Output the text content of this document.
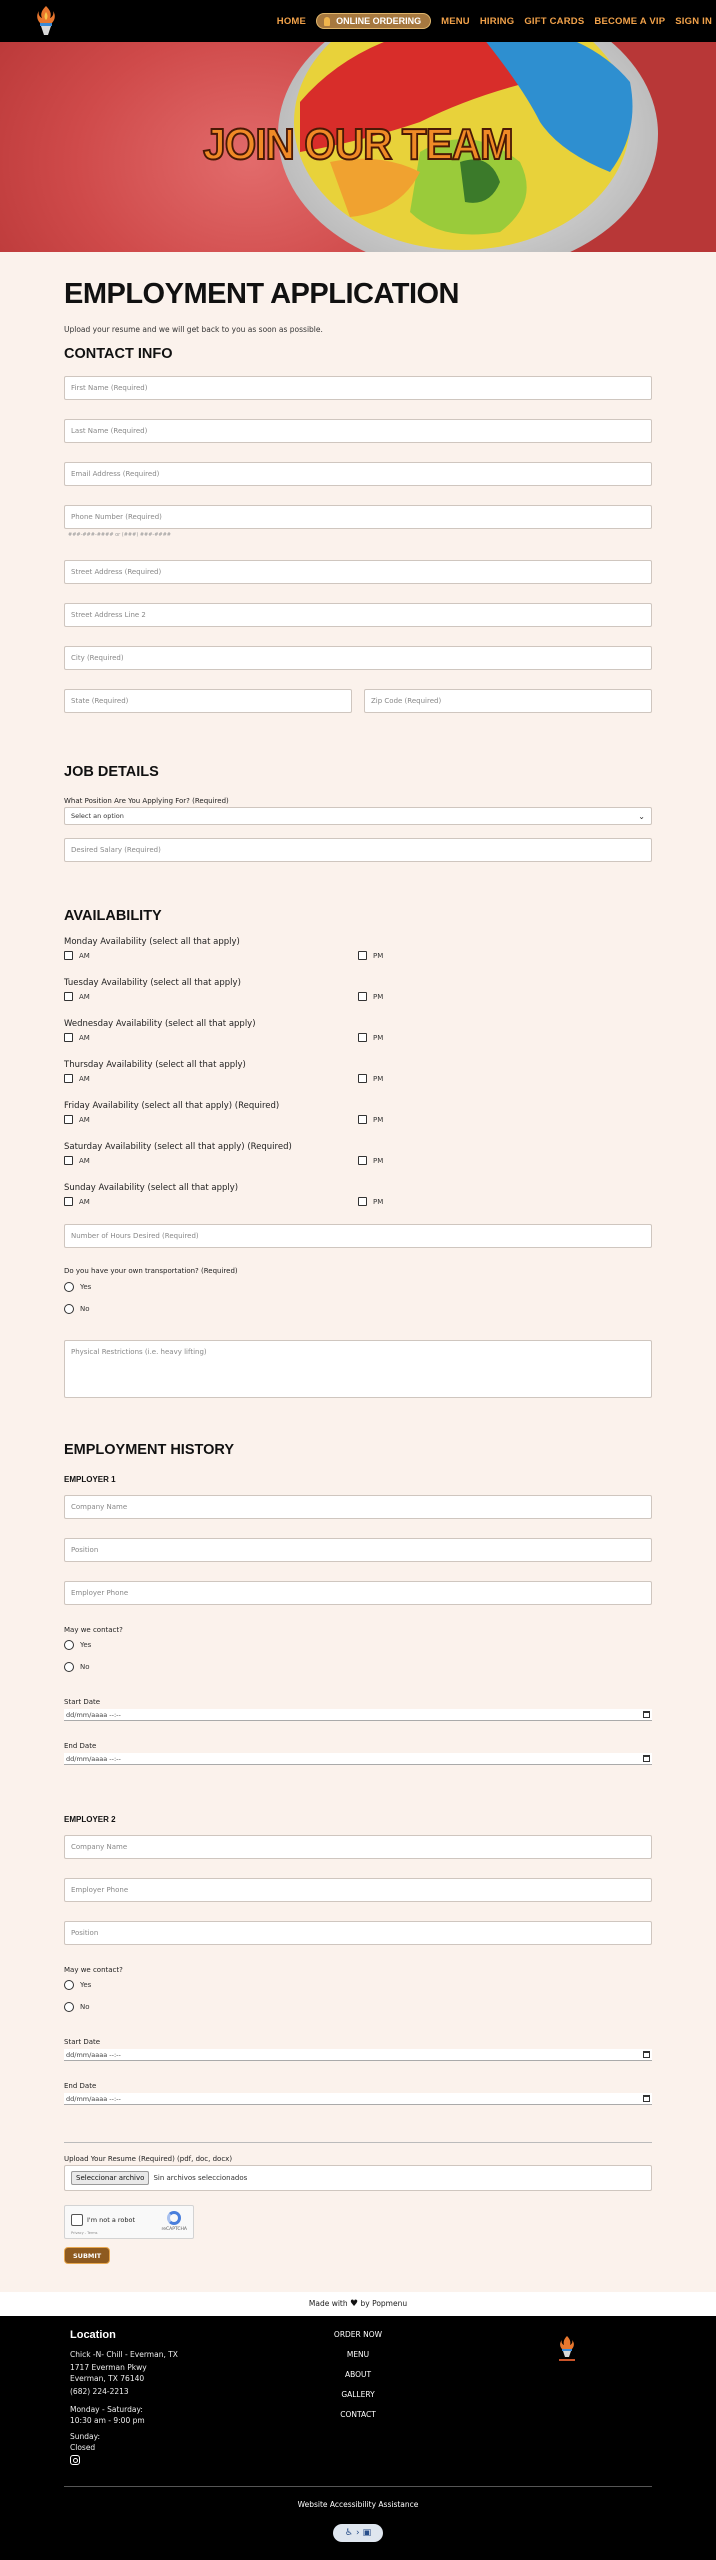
HOME	ONLINE ORDERING MENU HIRING GIFT CARDS BECOME A VIP SIGN IN
JOIN OUR TEAM
EMPLOYMENT APPLICATION
Upload your resume and we will get back to you as soon as possible.
CONTACT INFO
First Name (Required)
Last Name (Required)
Email Address (Required)
Phone Number (Required)
###-###-#### or (###) ###-####
Street Address (Required)
Street Address Line 2
City (Required)
State (Required)	Zip Code (Required)
JOB DETAILS
What Position Are You Applying For? (Required)
Select an option	⌄
Desired Salary (Required)
AVAILABILITY
Monday Availability (select all that apply)
AM	PM
Tuesday Availability (select all that apply)
AM	PM
Wednesday Availability (select all that apply)
AM	PM
Thursday Availability (select all that apply)
AM	PM
Friday Availability (select all that apply) (Required)
AM	PM
Saturday Availability (select all that apply) (Required)
AM	PM
Sunday Availability (select all that apply)
AM	PM
Number of Hours Desired (Required)
Do you have your own transportation? (Required)
Yes
No
Physical Restrictions (i.e. heavy lifting)
EMPLOYMENT HISTORY
EMPLOYER 1
Company Name
Position
Employer Phone
May we contact?
Yes
No
Start Date
dd/mm/aaaa --:--
End Date
dd/mm/aaaa --:--
EMPLOYER 2
Company Name
Employer Phone
Position
May we contact?
Yes
No
Start Date
dd/mm/aaaa --:--
End Date
dd/mm/aaaa --:--
Upload Your Resume (Required) (pdf, doc, docx)
Seleccionar archivo	Sin archivos seleccionados
I'm not a robot
reCAPTCHA
Privacy - Terms
SUBMIT
Made with ♥ by Popmenu
Location
Chick -N- Chill - Everman, TX
1717 Everman Pkwy
Everman, TX 76140
(682) 224-2213
Monday - Saturday:
10:30 am - 9:00 pm
Sunday:
Closed
ORDER NOW
MENU
ABOUT
GALLERY
CONTACT
Website Accessibility Assistance
♿ › ▣
